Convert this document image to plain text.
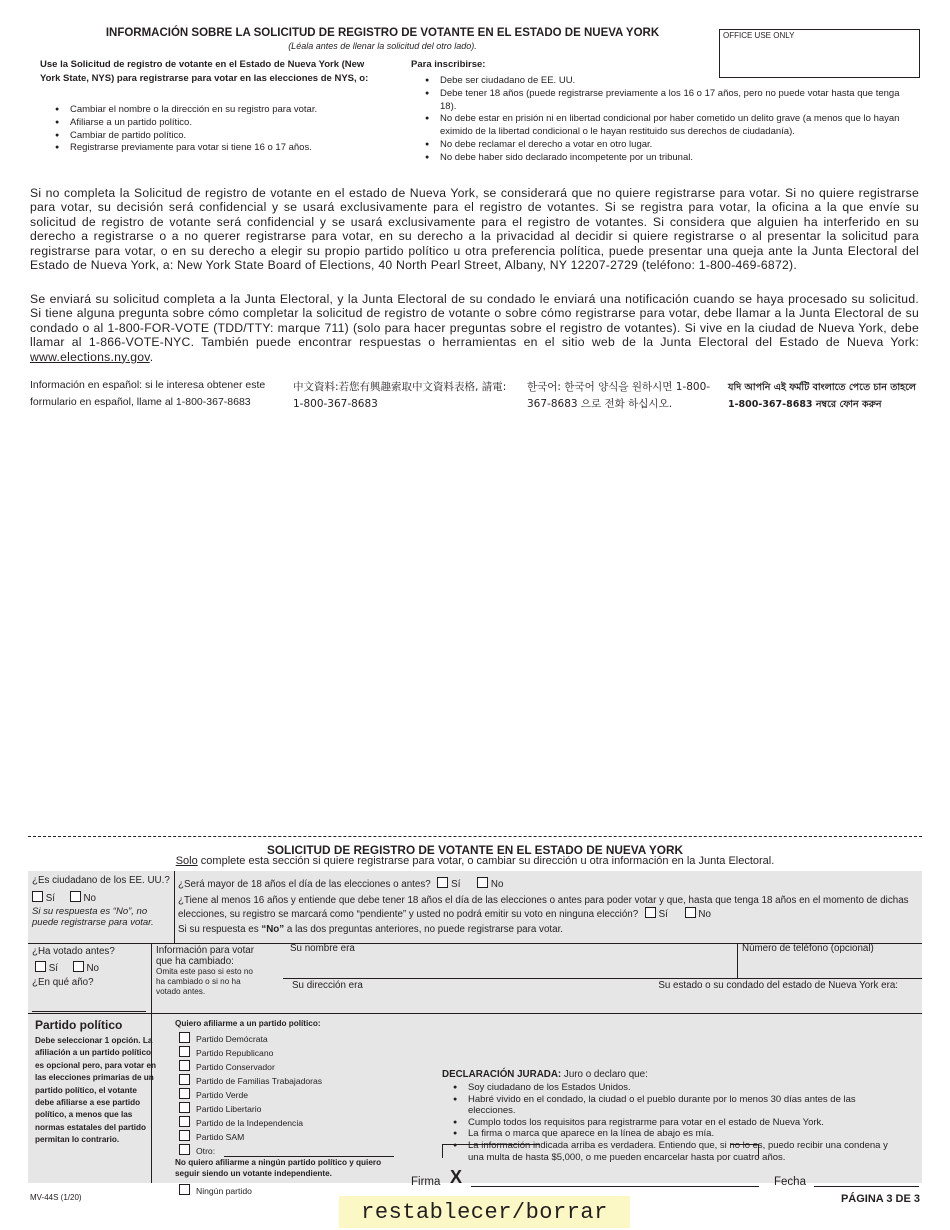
INFORMACIÓN SOBRE LA SOLICITUD DE REGISTRO DE VOTANTE EN EL ESTADO DE NUEVA YORK
(Léala antes de llenar la solicitud del otro lado).
OFFICE USE ONLY
Use la Solicitud de registro de votante en el Estado de Nueva York (New York State, NYS) para registrarse para votar en las elecciones de NYS, o:
● Cambiar el nombre o la dirección en su registro para votar.
● Afiliarse a un partido político.
● Cambiar de partido político.
● Registrarse previamente para votar si tiene 16 o 17 años.
Para inscribirse:
● Debe ser ciudadano de EE. UU.
● Debe tener 18 años (puede registrarse previamente a los 16 o 17 años, pero no puede votar hasta que tenga 18).
● No debe estar en prisión ni en libertad condicional por haber cometido un delito grave (a menos que lo hayan eximido de la libertad condicional o le hayan restituido sus derechos de ciudadanía).
● No debe reclamar el derecho a votar en otro lugar.
● No debe haber sido declarado incompetente por un tribunal.
Si no completa la Solicitud de registro de votante en el estado de Nueva York, se considerará que no quiere registrarse para votar. Si no quiere registrarse para votar, su decisión será confidencial y se usará exclusivamente para el registro de votantes. Si se registra para votar, la oficina a la que envíe su solicitud de registro de votante será confidencial y se usará exclusivamente para el registro de votantes. Si considera que alguien ha interferido en su derecho a registrarse o a no querer registrarse para votar, en su derecho a la privacidad al decidir si quiere registrarse o al presentar la solicitud para registrarse para votar, o en su derecho a elegir su propio partido político u otra preferencia política, puede presentar una queja ante la Junta Electoral del Estado de Nueva York, a: New York State Board of Elections, 40 North Pearl Street, Albany, NY 12207-2729 (teléfono: 1-800-469-6872).
Se enviará su solicitud completa a la Junta Electoral, y la Junta Electoral de su condado le enviará una notificación cuando se haya procesado su solicitud. Si tiene alguna pregunta sobre cómo completar la solicitud de registro de votante o sobre cómo registrarse para votar, debe llamar a la Junta Electoral de su condado o al 1-800-FOR-VOTE (TDD/TTY: marque 711) (solo para hacer preguntas sobre el registro de votantes). Si vive en la ciudad de Nueva York, debe llamar al 1-866-VOTE-NYC. También puede encontrar respuestas o herramientas en el sitio web de la Junta Electoral del Estado de Nueva York: www.elections.ny.gov.
Información en español: si le interesa obtener este formulario en español, llame al 1-800-367-8683
中文資料:若您有興趣索取中文資料表格, 請電: 1-800-367-8683
한국어: 한국어 양식을 원하시면 1-800-367-8683 으로 전화 하십시오.
যদি আপনি এই ফর্মটি বাংলাতে পেতে চান তাহলে 1-800-367-8683 নম্বরে ফোন করুন
SOLICITUD DE REGISTRO DE VOTANTE EN EL ESTADO DE NUEVA YORK
Solo complete esta sección si quiere registrarse para votar, o cambiar su dirección u otra información en la Junta Electoral.
¿Es ciudadano de los EE. UU.?
Sí	No
Si su respuesta es “No”, no puede registrarse para votar.
¿Será mayor de 18 años el día de las elecciones o antes? Sí	No
¿Tiene al menos 16 años y entiende que debe tener 18 años el día de las elecciones o antes para poder votar y que, hasta que tenga 18 años en el momento de dichas elecciones, su registro se marcará como “pendiente” y usted no podrá emitir su voto en ninguna elección? Sí	No
Si su respuesta es “No” a las dos preguntas anteriores, no puede registrarse para votar.
¿Ha votado antes?
Sí	No
¿En qué año?
Información para votar que ha cambiado:
Omita este paso si esto no ha cambiado o si no ha votado antes.
Su nombre era	Número de teléfono (opcional)
Su dirección era	Su estado o su condado del estado de Nueva York era:
Partido político
Debe seleccionar 1 opción. La afiliación a un partido político es opcional pero, para votar en las elecciones primarias de un partido político, el votante debe afiliarse a ese partido político, a menos que las normas estatales del partido permitan lo contrario.
Quiero afiliarme a un partido político:
Partido Demócrata
Partido Republicano
Partido Conservador
Partido de Familias Trabajadoras
Partido Verde
Partido Libertario
Partido de la Independencia
Partido SAM
Otro:
No quiero afiliarme a ningún partido político y quiero seguir siendo un votante independiente.
Ningún partido
Firma X	Fecha
DECLARACIÓN JURADA: Juro o declaro que:
● Soy ciudadano de los Estados Unidos.
● Habré vivido en el condado, la ciudad o el pueblo durante por lo menos 30 días antes de las elecciones.
● Cumplo todos los requisitos para registrarme para votar en el estado de Nueva York.
● La firma o marca que aparece en la línea de abajo es mía.
● La información indicada arriba es verdadera. Entiendo que, si no lo es, puedo recibir una condena y una multa de hasta $5,000, o me pueden encarcelar hasta por cuatro años.
MV-44S (1/20)	PÁGINA 3 DE 3
restablecer/borrar
